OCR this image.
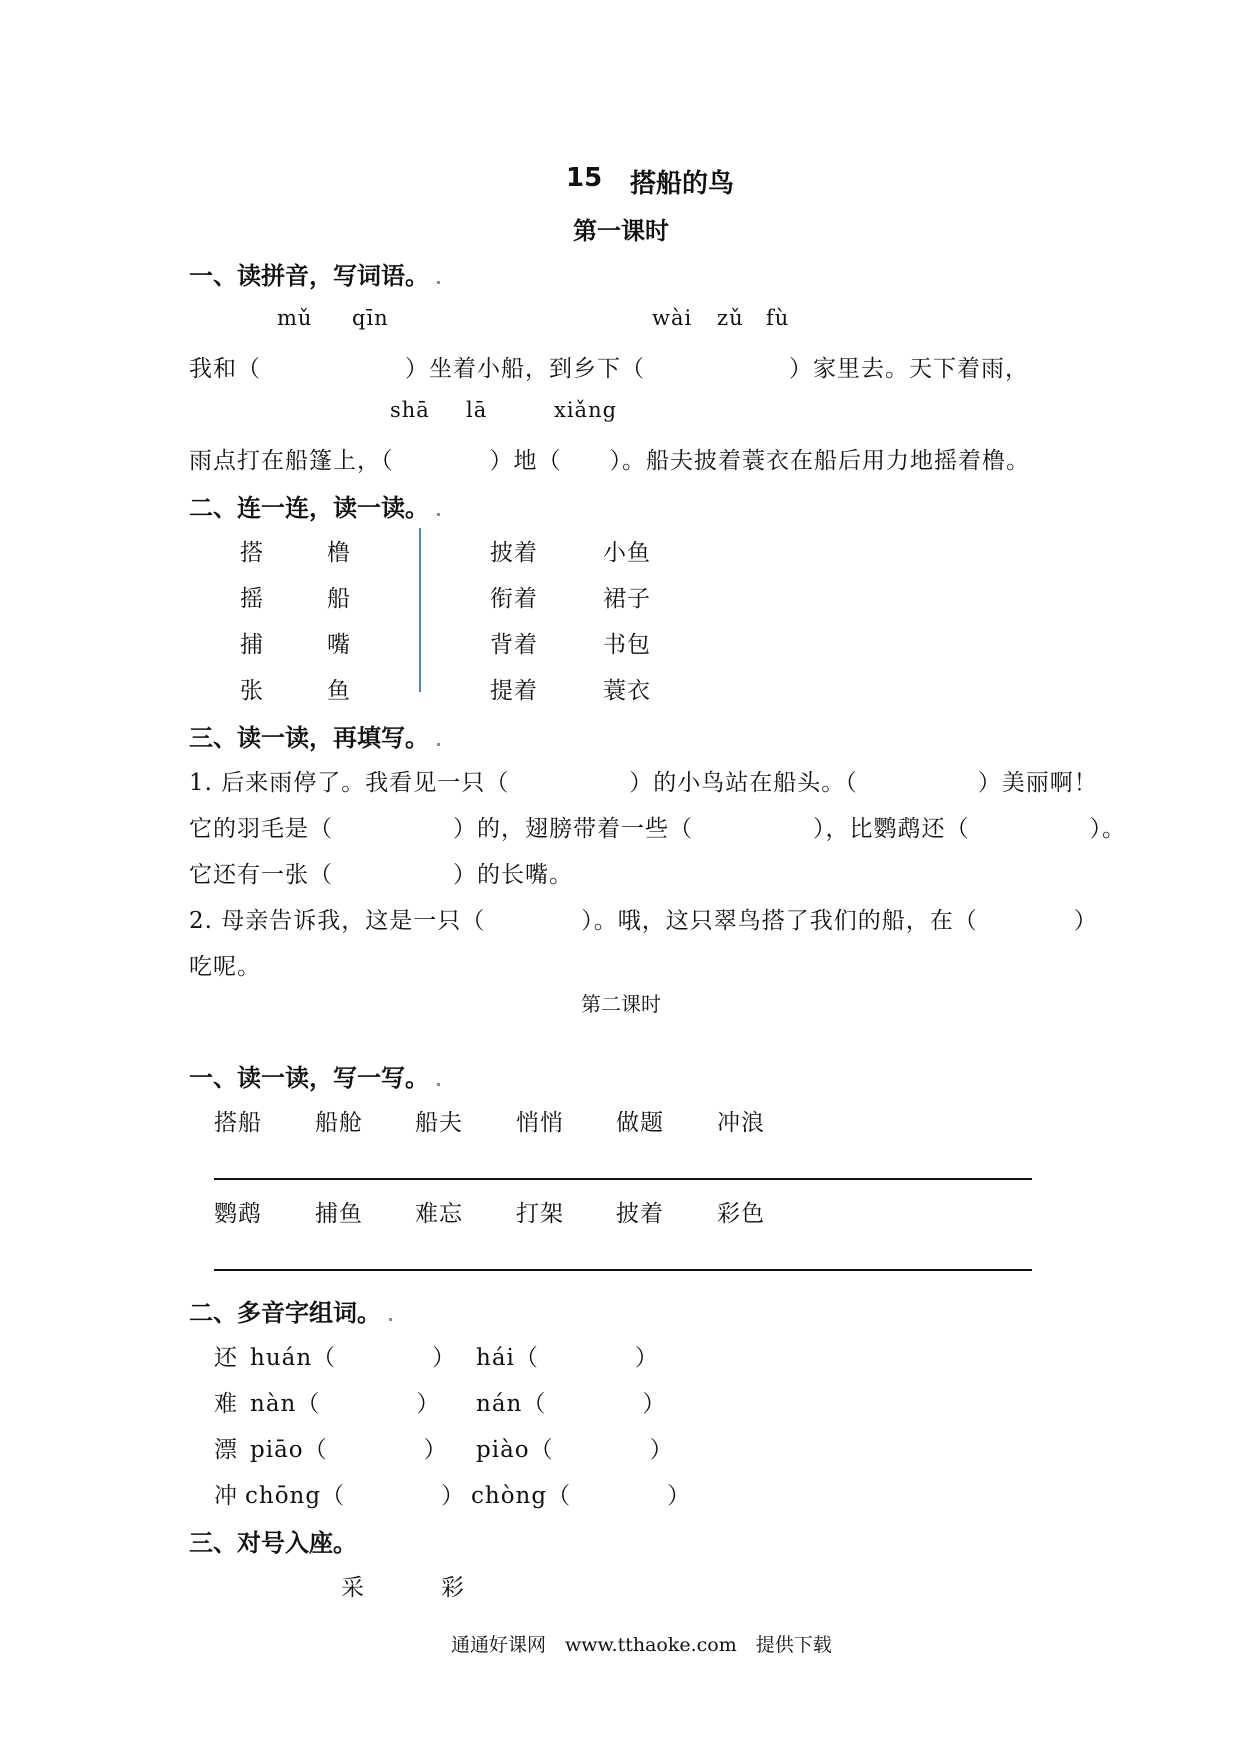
15 搭船的鸟
第一课时
一、读拼音，写词语。
mǔ qīn	wài zǔ fù
我和（　　　　　　）坐着小船，到乡下（　　　　　　）家里去。天下着雨，
shā lā	xiǎng
雨点打在船篷上，（　　　　）地（　　）。船夫披着蓑衣在船后用力地摇着橹。
二、连一连，读一读。
搭	橹
摇	船
捕	嘴
张	鱼
披着	小鱼
衔着	裙子
背着	书包
提着	蓑衣
三、读一读，再填写。
1. 后来雨停了。我看见一只（　　　　　）的小鸟站在船头。（　　　　　）美丽啊！
它的羽毛是（　　　　　）的，翅膀带着一些（　　　　　），比鹦鹉还（　　　　　）。
它还有一张（　　　　　）的长嘴。
2. 母亲告诉我，这是一只（　　　　）。哦，这只翠鸟搭了我们的船，在（　　　　）
吃呢。
第二课时
一、读一读，写一写。
搭船 船舱 船夫 悄悄 做题 冲浪
鹦鹉 捕鱼 难忘 打架 披着 彩色
二、多音字组词。
还 huán（　　　　） hái（　　　　）
难 nàn（　　　　） nán（　　　　）
漂 piāo（　　　　） piào（　　　　）
冲 chōng（　　　　） chòng（　　　　）
三、对号入座。
采	彩
通通好课网　www.tthaoke.com　提供下载
